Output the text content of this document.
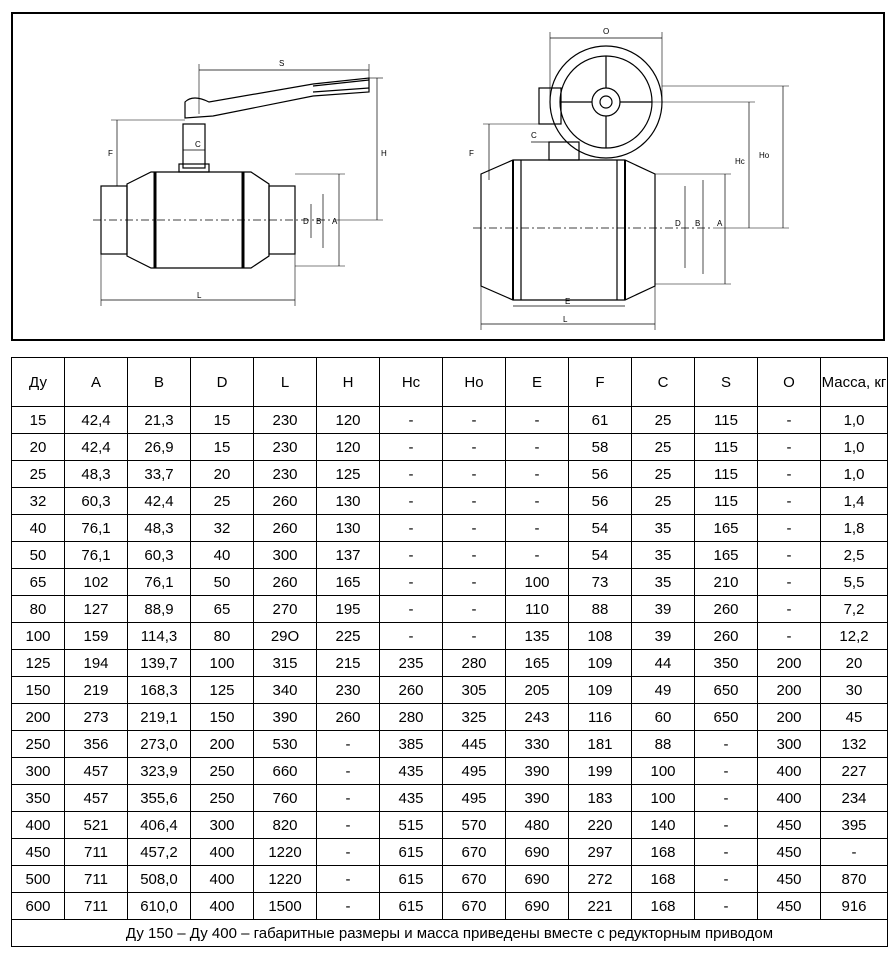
S
H
F
C
D B A
L
O
C
F
Hc
Ho
D B A
E
L
Ду	A	B	D	L	H	Hc	Ho	E	F	C	S	O	Масса, кг
15	42,4	21,3	15	230	120	-	-	-	61	25	115	-	1,0
20	42,4	26,9	15	230	120	-	-	-	58	25	115	-	1,0
25	48,3	33,7	20	230	125	-	-	-	56	25	115	-	1,0
32	60,3	42,4	25	260	130	-	-	-	56	25	115	-	1,4
40	76,1	48,3	32	260	130	-	-	-	54	35	165	-	1,8
50	76,1	60,3	40	300	137	-	-	-	54	35	165	-	2,5
65	102	76,1	50	260	165	-	-	100	73	35	210	-	5,5
80	127	88,9	65	270	195	-	-	110	88	39	260	-	7,2
100	159	114,3	80	29О	225	-	-	135	108	39	260	-	12,2
125	194	139,7	100	315	215	235	280	165	109	44	350	200	20
150	219	168,3	125	340	230	260	305	205	109	49	650	200	30
200	273	219,1	150	390	260	280	325	243	116	60	650	200	45
250	356	273,0	200	530	-	385	445	330	181	88	-	300	132
300	457	323,9	250	660	-	435	495	390	199	100	-	400	227
350	457	355,6	250	760	-	435	495	390	183	100	-	400	234
400	521	406,4	300	820	-	515	570	480	220	140	-	450	395
450	711	457,2	400	1220	-	615	670	690	297	168	-	450	-
500	711	508,0	400	1220	-	615	670	690	272	168	-	450	870
600	711	610,0	400	1500	-	615	670	690	221	168	-	450	916
Ду 150 – Ду 400 – габаритные размеры и масса приведены вместе с редукторным приводом													
